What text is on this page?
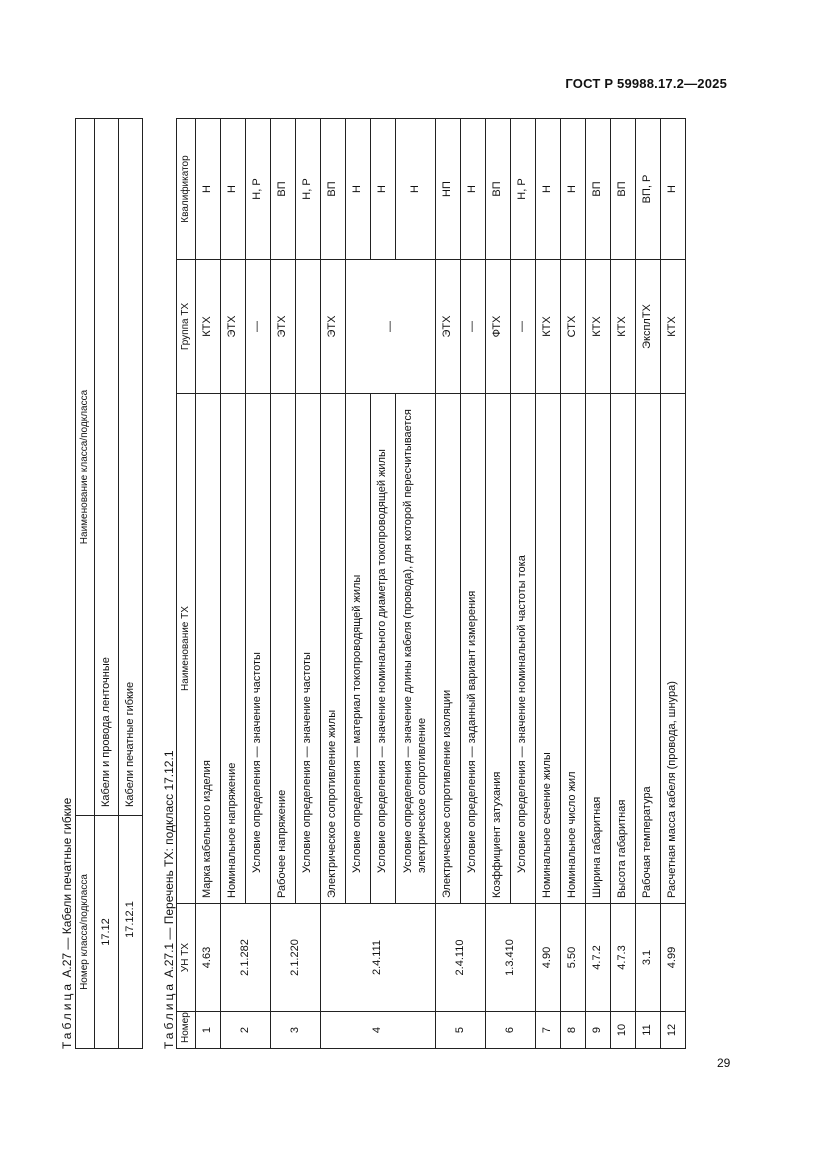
ГОСТ Р 59988.17.2—2025
Таблица А.27 — Кабели печатные гибкие Номер класса/подкласса	Наименование класса/подкласса
17.12	Кабели и провода ленточные
17.12.1	Кабели печатные гибкие
Таблица А.27.1 — Перечень ТХ: подкласс 17.12.1
Номер	УН ТХ	Наименование ТХ	Группа ТХ	Квалификатор
1	4.63	Марка кабельного изделия	КТХ	Н
2	2.1.282	Номинальное напряжение	ЭТХ	Н
		Условие определения — значение частоты	—	Н, Р
3	2.1.220	Рабочее напряжение	ЭТХ	ВП
		Условие определения — значение частоты		Н, Р
4	2.4.111	Электрическое сопротивление жилы	ЭТХ	ВП
		Условие определения — материал токопроводящей жилы	—	Н
		Условие определения — значение номинального диаметра токопроводящей жилы		Н
		Условие определения — значение длины кабеля (провода), для которой пересчитывается электрическое сопротивление		Н
5	2.4.110	Электрическое сопротивление изоляции	ЭТХ	НП
		Условие определения — заданный вариант измерения	—	Н
6	1.3.410	Коэффициент затухания	ФТХ	ВП
		Условие определения — значение номинальной частоты тока	—	Н, Р
7	4.90	Номинальное сечение жилы	КТХ	Н
8	5.50	Номинальное число жил	СТХ	Н
9	4.7.2	Ширина габаритная	КТХ	ВП
10	4.7.3	Высота габаритная	КТХ	ВП
11	3.1	Рабочая температура	ЭксплТХ	ВП, Р
12	4.99	Расчетная масса кабеля (провода, шнура)	КТХ	Н
29
